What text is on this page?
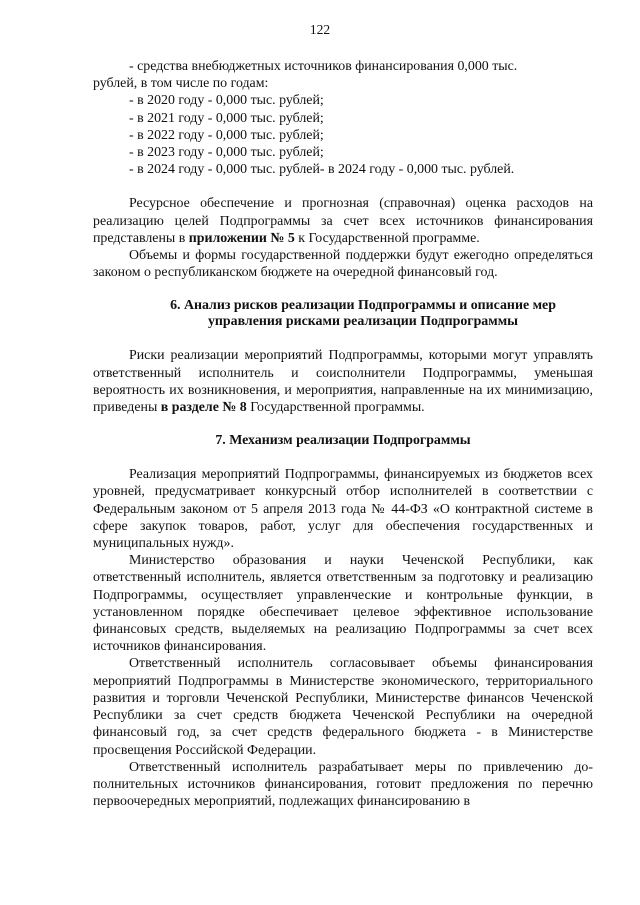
122

- средства внебюджетных источников финансирования 0,000 тыс.

рублей, в том числе по годам:

- в 2020 году - 0,000 тыс. рублей;

- в 2021 году - 0,000 тыс. рублей;

- в 2022 году - 0,000 тыс. рублей;

- в 2023 году - 0,000 тыс. рублей;

- в 2024 году - 0,000 тыс. рублей- в 2024 году - 0,000 тыс. рублей.

Ресурсное обеспечение и прогнозная (справочная) оценка расходов на реализацию целей Подпрограммы за счет всех источников финансирования представлены в приложении № 5 к Государственной программе.

Объемы и формы государственной поддержки будут ежегодно определяться законом о республиканском бюджете на очередной финансовый год.

6. Анализ рисков реализации Подпрограммы и описание мер
управления рисками реализации Подпрограммы

Риски реализации мероприятий Подпрограммы, которыми могут управлять ответственный исполнитель и соисполнители Подпрограммы, уменьшая вероятность их возникновения, и мероприятия, направленные на их минимизацию, приведены в разделе № 8 Государственной программы.

7. Механизм реализации Подпрограммы

Реализация мероприятий Подпрограммы, финансируемых из бюджетов всех уровней, предусматривает конкурсный отбор исполнителей в соответствии с Федеральным законом от 5 апреля 2013 года № 44-ФЗ «О контрактной системе в сфере закупок товаров, работ, услуг для обеспечения государственных и муниципальных нужд».

Министерство образования и науки Чеченской Республики, как ответственный исполнитель, является ответственным за подготовку и реализацию Подпрограммы, осуществляет управленческие и контрольные функции, в установленном порядке обеспечивает целевое эффективное использование финансовых средств, выделяемых на реализацию Подпрограммы за счет всех источников финансирования.

Ответственный исполнитель согласовывает объемы финансирования мероприятий Подпрограммы в Министерстве экономического, территориального развития и торговли Чеченской Республики, Министерстве финансов Чеченской Республики за счет средств бюджета Чеченской Республики на очередной финансовый год, за счет средств федерального бюджета - в Министерстве просвещения Российской Федерации.

Ответственный исполнитель разрабатывает меры по привлечению до-полнительных источников финансирования, готовит предложения по перечню первоочередных мероприятий, подлежащих финансированию в
